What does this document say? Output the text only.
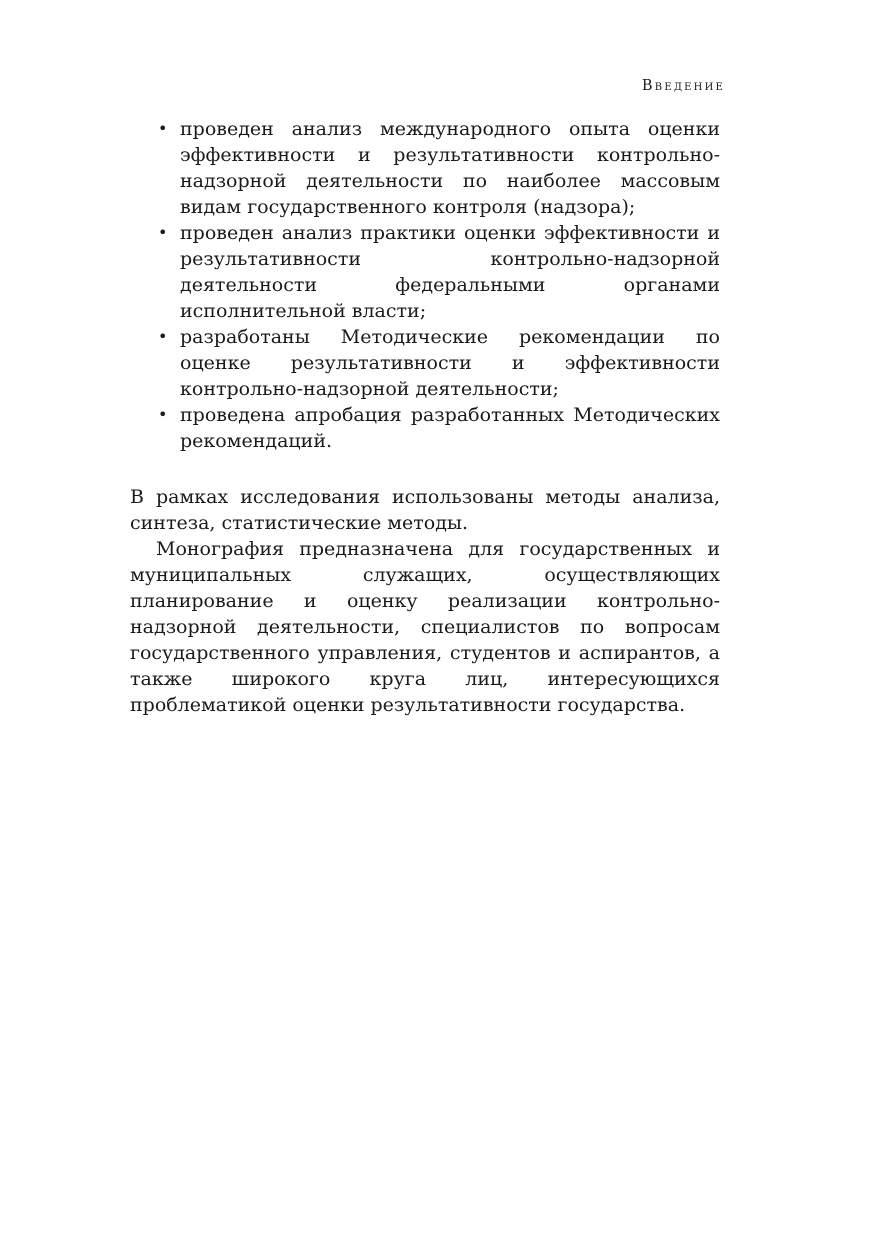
Введение
• проведен анализ международного опыта оценки эффективности и результативности контрольно-надзорной деятельности по наиболее массовым видам государственного контроля (надзора);
• проведен анализ практики оценки эффективности и результативности контрольно-надзорной деятельности федеральными органами исполнительной власти;
• разработаны Методические рекомендации по оценке результативности и эффективности контрольно-надзорной деятельности;
• проведена апробация разработанных Методических рекомендаций.

В рамках исследования использованы методы анализа, синтеза, статистические методы.

Монография предназначена для государственных и муниципальных служащих, осуществляющих планирование и оценку реализации контрольно-надзорной деятельности, специалистов по вопросам государственного управления, студентов и аспирантов, а также широкого круга лиц, интересующихся проблематикой оценки результативности государства.
